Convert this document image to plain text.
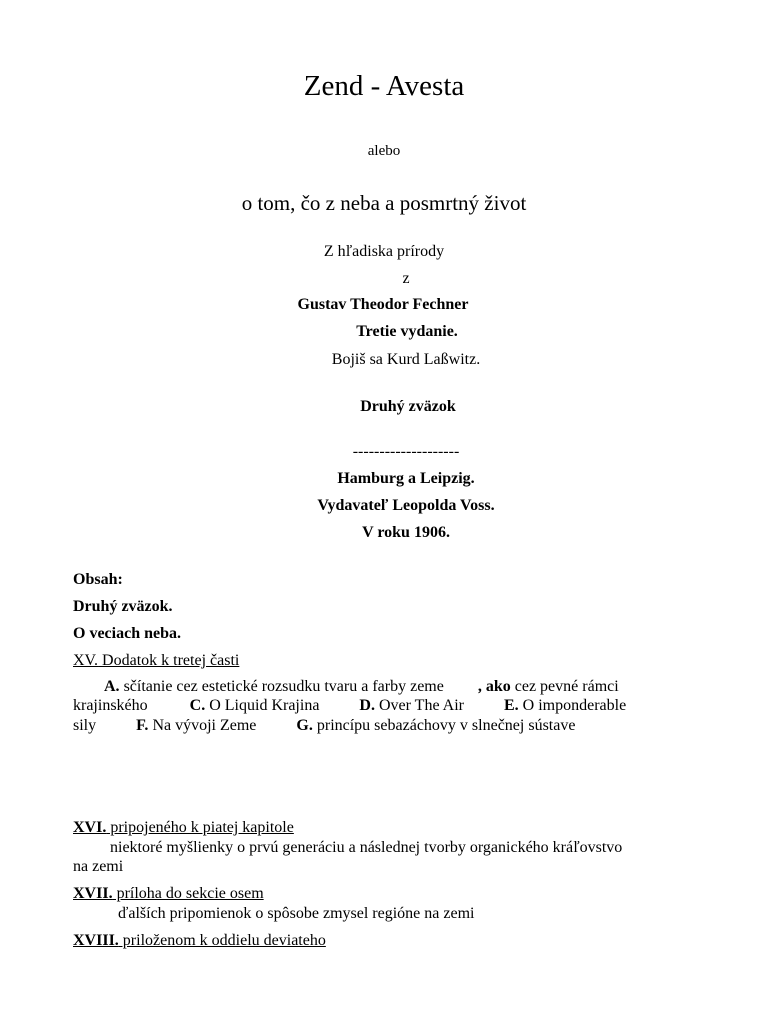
Zend - Avesta
alebo
o tom, čo z neba a posmrtný život
Z hľadiska prírody
z
Gustav Theodor Fechner
Tretie vydanie.
Bojiš sa Kurd Laßwitz.
Druhý zväzok
--------------------
Hamburg a Leipzig.
Vydavateľ Leopolda Voss.
V roku 1906.
Obsah:
Druhý zväzok.
O veciach neba.
XV. Dodatok k tretej časti
A. sčítanie cez estetické rozsudku tvaru a farby zeme , ako cez pevné rámci
krajinského	C. O Liquid Krajina	D. Over The Air	E. O imponderable
sily	F. Na vývoji Zeme	G. princípu sebazáchovy v slnečnej sústave
XVI. pripojeného k piatej kapitole
niektoré myšlienky o prvú generáciu a následnej tvorby organického kráľovstvo
na zemi
XVII. príloha do sekcie osem
ďalších pripomienok o spôsobe zmysel regióne na zemi
XVIII. priloženom k oddielu deviateho
